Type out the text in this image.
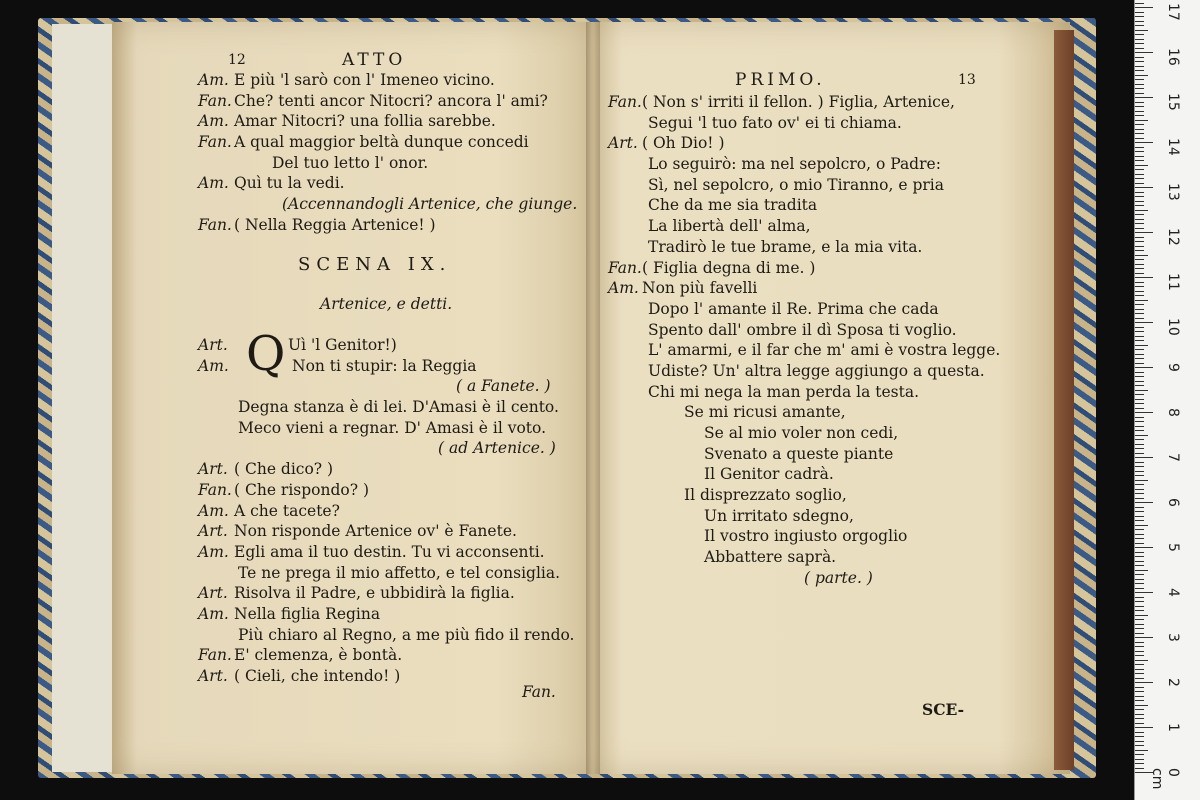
12	ATTO
Am. E più 'l sarò con l' Imeneo vicino.
Fan. Che? tenti ancor Nitocri? ancora l' ami?
Am. Amar Nitocri? una follia sarebbe.
Fan. A qual maggior beltà dunque concedi
Del tuo letto l' onor.
Am. Quì tu la vedi.
(Accennandogli Artenice, che giunge.
Fan. ( Nella Reggia Artenice! )
SCENA IX.
Artenice, e detti.
Q
Art.	Uì 'l Genitor!)
Am.	Non ti stupir: la Reggia
( a Fanete. )
Degna stanza è di lei. D'Amasi è il cento.
Meco vieni a regnar. D' Amasi è il voto.
( ad Artenice. )
Art. ( Che dico? )
Fan. ( Che rispondo? )
Am. A che tacete?
Art. Non risponde Artenice ov' è Fanete.
Am. Egli ama il tuo destin. Tu vi acconsenti.
Te ne prega il mio affetto, e tel consiglia.
Art. Risolva il Padre, e ubbidirà la figlia.
Am. Nella figlia Regina
Più chiaro al Regno, a me più fido il rendo.
Fan. E' clemenza, è bontà.
Art. ( Cieli, che intendo! )
Fan.
PRIMO.	13
Fan.( Non s' irriti il fellon. ) Figlia, Artenice,
Segui 'l tuo fato ov' ei ti chiama.
Art. ( Oh Dio! )
Lo seguirò: ma nel sepolcro, o Padre:
Sì, nel sepolcro, o mio Tiranno, e pria
Che da me sia tradita
La libertà dell' alma,
Tradirò le tue brame, e la mia vita.
Fan.( Figlia degna di me. )
Am. Non più favelli
Dopo l' amante il Re. Prima che cada
Spento dall' ombre il dì Sposa ti voglio.
L' amarmi, e il far che m' ami è vostra legge.
Udiste? Un' altra legge aggiungo a questa.
Chi mi nega la man perda la testa.
Se mi ricusi amante,
Se al mio voler non cedi,
Svenato a queste piante
Il Genitor cadrà.
Il disprezzato soglio,
Un irritato sdegno,
Il vostro ingiusto orgoglio
Abbattere saprà.
( parte. )
SCE-
0 cm
1
2
3
4
5
6
7
8
9
10
11
12
13
14
15
16
17
